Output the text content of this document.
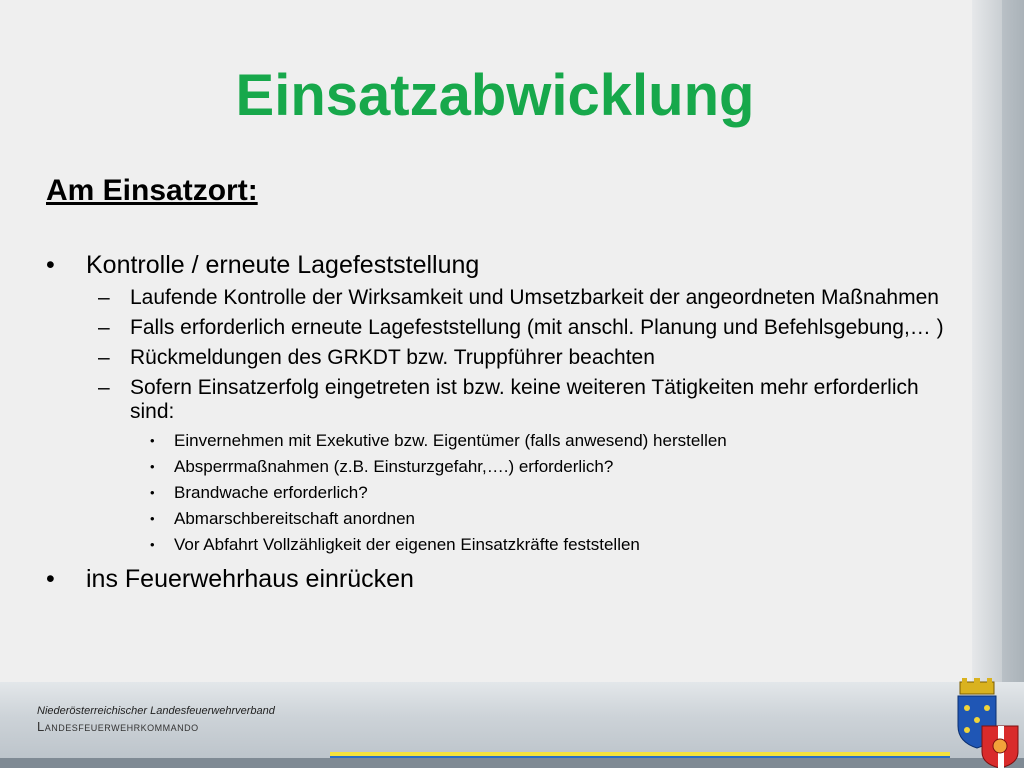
Einsatzabwicklung
Am Einsatzort:

• Kontrolle / erneute Lagefeststellung

– Laufende Kontrolle der Wirksamkeit und Umsetzbarkeit der angeordneten Maßnahmen

– Falls erforderlich erneute Lagefeststellung (mit anschl. Planung und Befehlsgebung,… )

– Rückmeldungen des GRKDT bzw. Truppführer beachten

– Sofern Einsatzerfolg eingetreten ist bzw. keine weiteren Tätigkeiten mehr erforderlich sind:

• Einvernehmen mit Exekutive bzw. Eigentümer (falls anwesend) herstellen

• Absperrmaßnahmen (z.B. Einsturzgefahr,….) erforderlich?

• Brandwache erforderlich?

• Abmarschbereitschaft anordnen

• Vor Abfahrt Vollzähligkeit der eigenen Einsatzkräfte feststellen

• ins Feuerwehrhaus einrücken

Niederösterreichischer Landesfeuerwehrverband
Landesfeuerwehrkommando
